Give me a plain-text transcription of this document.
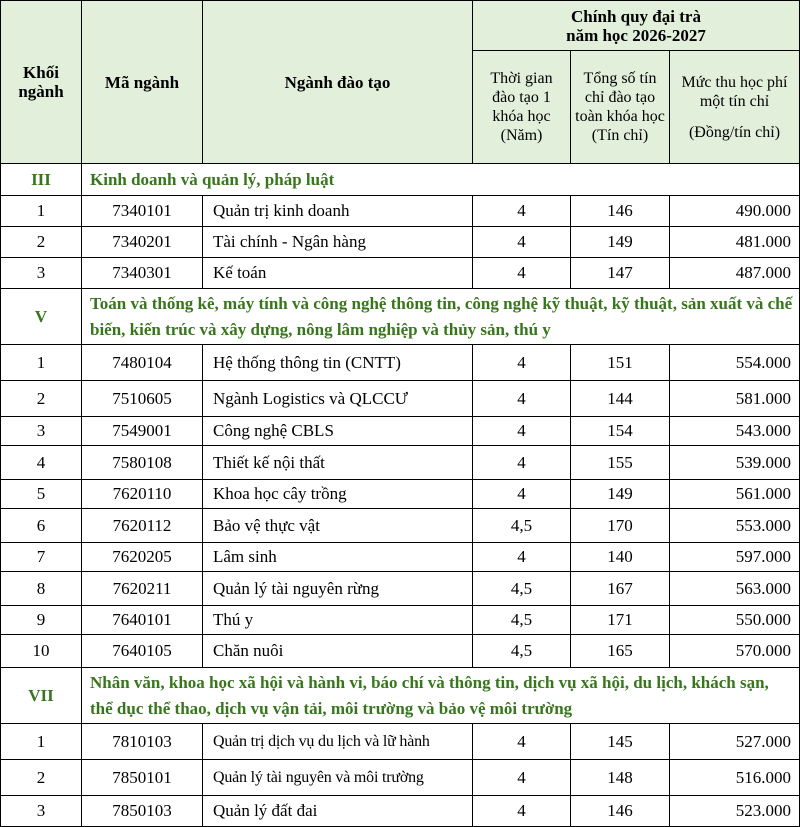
Khối ngành	Mã ngành	Ngành đào tạo	Chính quy đại trà
năm học 2026-2027		

			Thời gian đào tạo 1 khóa học (Năm)	Tổng số tín chỉ đào tạo toàn khóa học (Tín chỉ)	Mức thu học phí một tín chỉ
(Đồng/tín chỉ)

III	Kinh doanh và quản lý, pháp luật				
1	7340101	Quản trị kinh doanh	4	146	490.000
2	7340201	Tài chính - Ngân hàng	4	149	481.000
3	7340301	Kế toán	4	147	487.000
V	Toán và thống kê, máy tính và công nghệ thông tin, công nghệ kỹ thuật, kỹ thuật, sản xuất và chế biến, kiến trúc và xây dựng, nông lâm nghiệp và thủy sản, thú y				
1	7480104	Hệ thống thông tin (CNTT)	4	151	554.000
2	7510605	Ngành Logistics và QLCCƯ	4	144	581.000
3	7549001	Công nghệ CBLS	4	154	543.000
4	7580108	Thiết kế nội thất	4	155	539.000
5	7620110	Khoa học cây trồng	4	149	561.000
6	7620112	Bảo vệ thực vật	4,5	170	553.000
7	7620205	Lâm sinh	4	140	597.000
8	7620211	Quản lý tài nguyên rừng	4,5	167	563.000
9	7640101	Thú y	4,5	171	550.000
10	7640105	Chăn nuôi	4,5	165	570.000
VII	Nhân văn, khoa học xã hội và hành vi, báo chí và thông tin, dịch vụ xã hội, du lịch, khách sạn, thể dục thể thao, dịch vụ vận tải, môi trường và bảo vệ môi trường				
1	7810103	Quản trị dịch vụ du lịch và lữ hành	4	145	527.000
2	7850101	Quản lý tài nguyên và môi trường	4	148	516.000
3	7850103	Quản lý đất đai	4	146	523.000
